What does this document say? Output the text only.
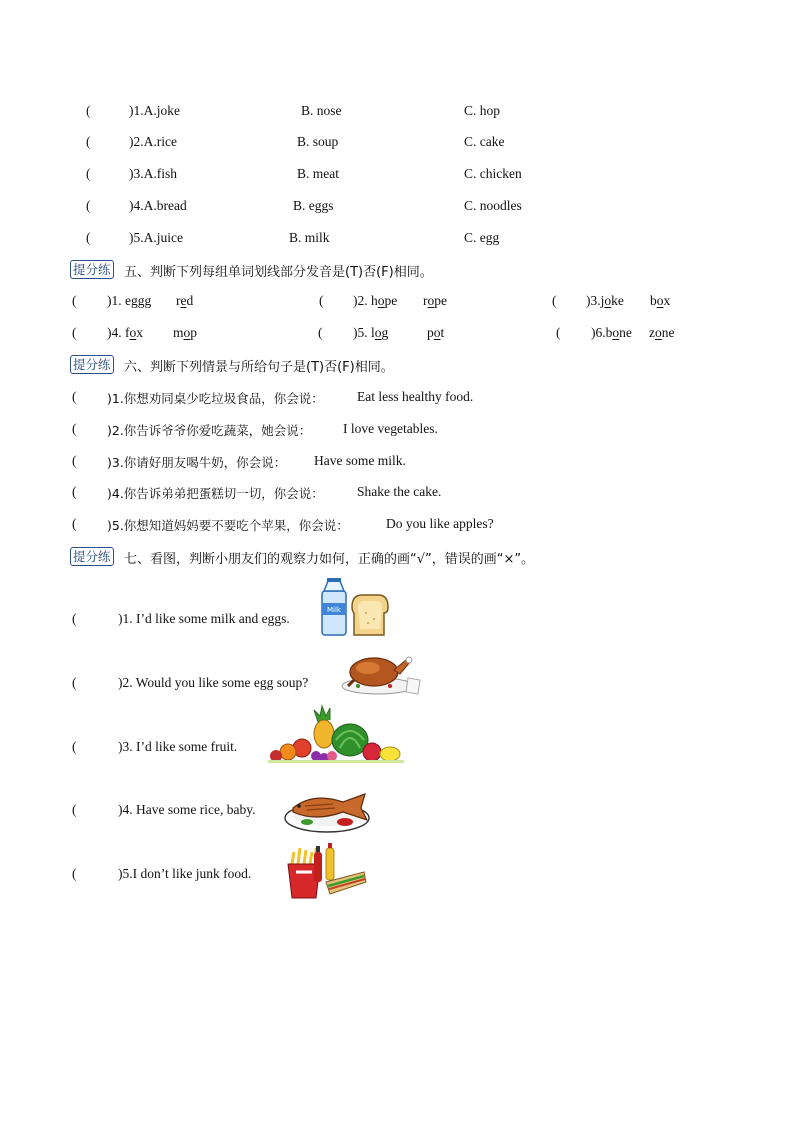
(	)1.A.joke	B. nose	C. hop
(	)2.A.rice	B. soup	C. cake
(	)3.A.fish	B. meat	C. chicken
(	)4.A.bread	B. eggs	C. noodles
(	)5.A.juice	B. milk	C. egg
提分练 五、判断下列每组单词划线部分发音是(T)否(F)相同。
( )1. eggg red	( )2. hope rope	( )3.joke box
( )4. fox mop	( )5. log	pot	( )6.bone zone
提分练 六、判断下列情景与所给句子是(T)否(F)相同。
( )1.你想劝同桌少吃垃圾食品，你会说： Eat less healthy food.
( )2.你告诉爷爷你爱吃蔬菜，她会说： I love vegetables.
( )3.你请好朋友喝牛奶，你会说： Have some milk.
( )4.你告诉弟弟把蛋糕切一切，你会说： Shake the cake.
( )5.你想知道妈妈要不要吃个苹果，你会说：	Do you like apples?
提分练 七、看图，判断小朋友们的观察力如何，正确的画“√”，错误的画“×”。
(	)1. I’d like some milk and eggs.
Milk
(	)2. Would you like some egg soup?
(	)3. I’d like some fruit.
(	)4. Have some rice, baby.
(	)5.I don’t like junk food.
